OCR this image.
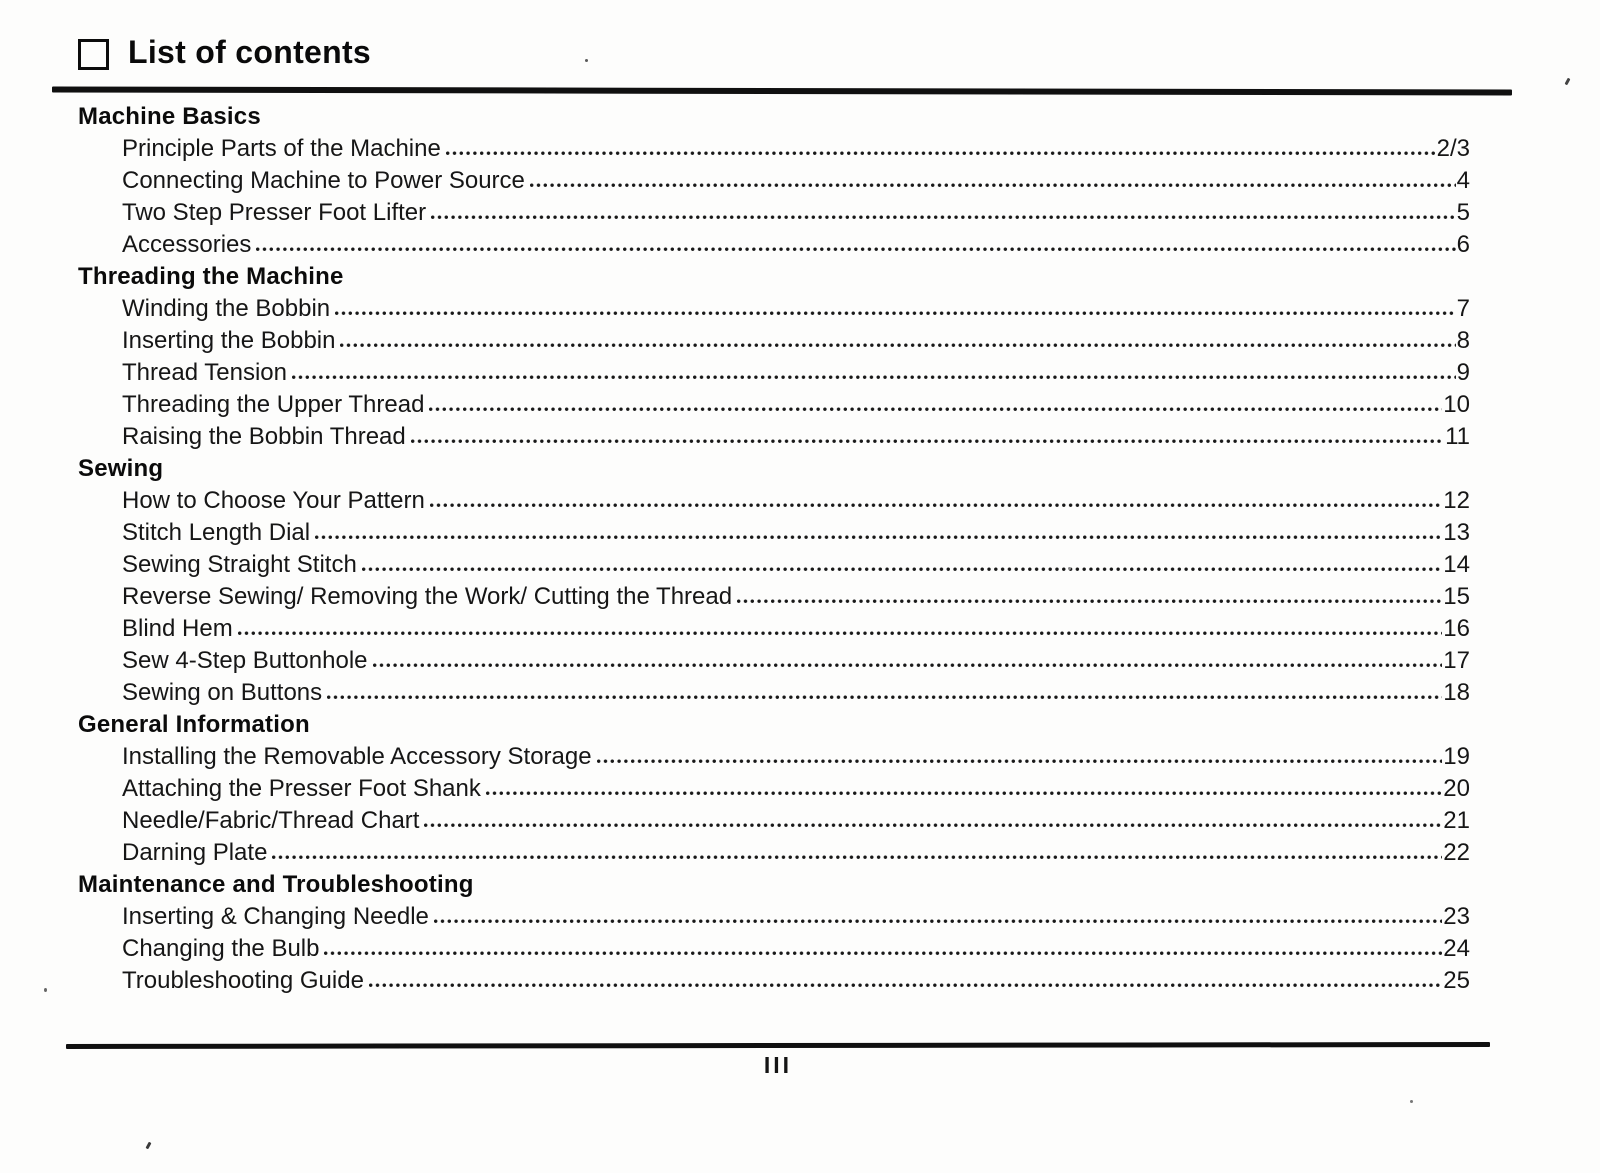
List of contents
Machine Basics
Principle Parts of the Machine	2/3
Connecting Machine to Power Source	4
Two Step Presser Foot Lifter	5
Accessories	6
Threading the Machine
Winding the Bobbin	7
Inserting the Bobbin	8
Thread Tension	9
Threading the Upper Thread	10
Raising the Bobbin Thread	11
Sewing
How to Choose Your Pattern	12
Stitch Length Dial	13
Sewing Straight Stitch	14
Reverse Sewing/ Removing the Work/ Cutting the Thread	15
Blind Hem	16
Sew 4-Step Buttonhole	17
Sewing on Buttons	18
General Information
Installing the Removable Accessory Storage	19
Attaching the Presser Foot Shank	20
Needle/Fabric/Thread Chart	21
Darning Plate	22
Maintenance and Troubleshooting
Inserting & Changing Needle	23
Changing the Bulb	24
Troubleshooting Guide	25
III
